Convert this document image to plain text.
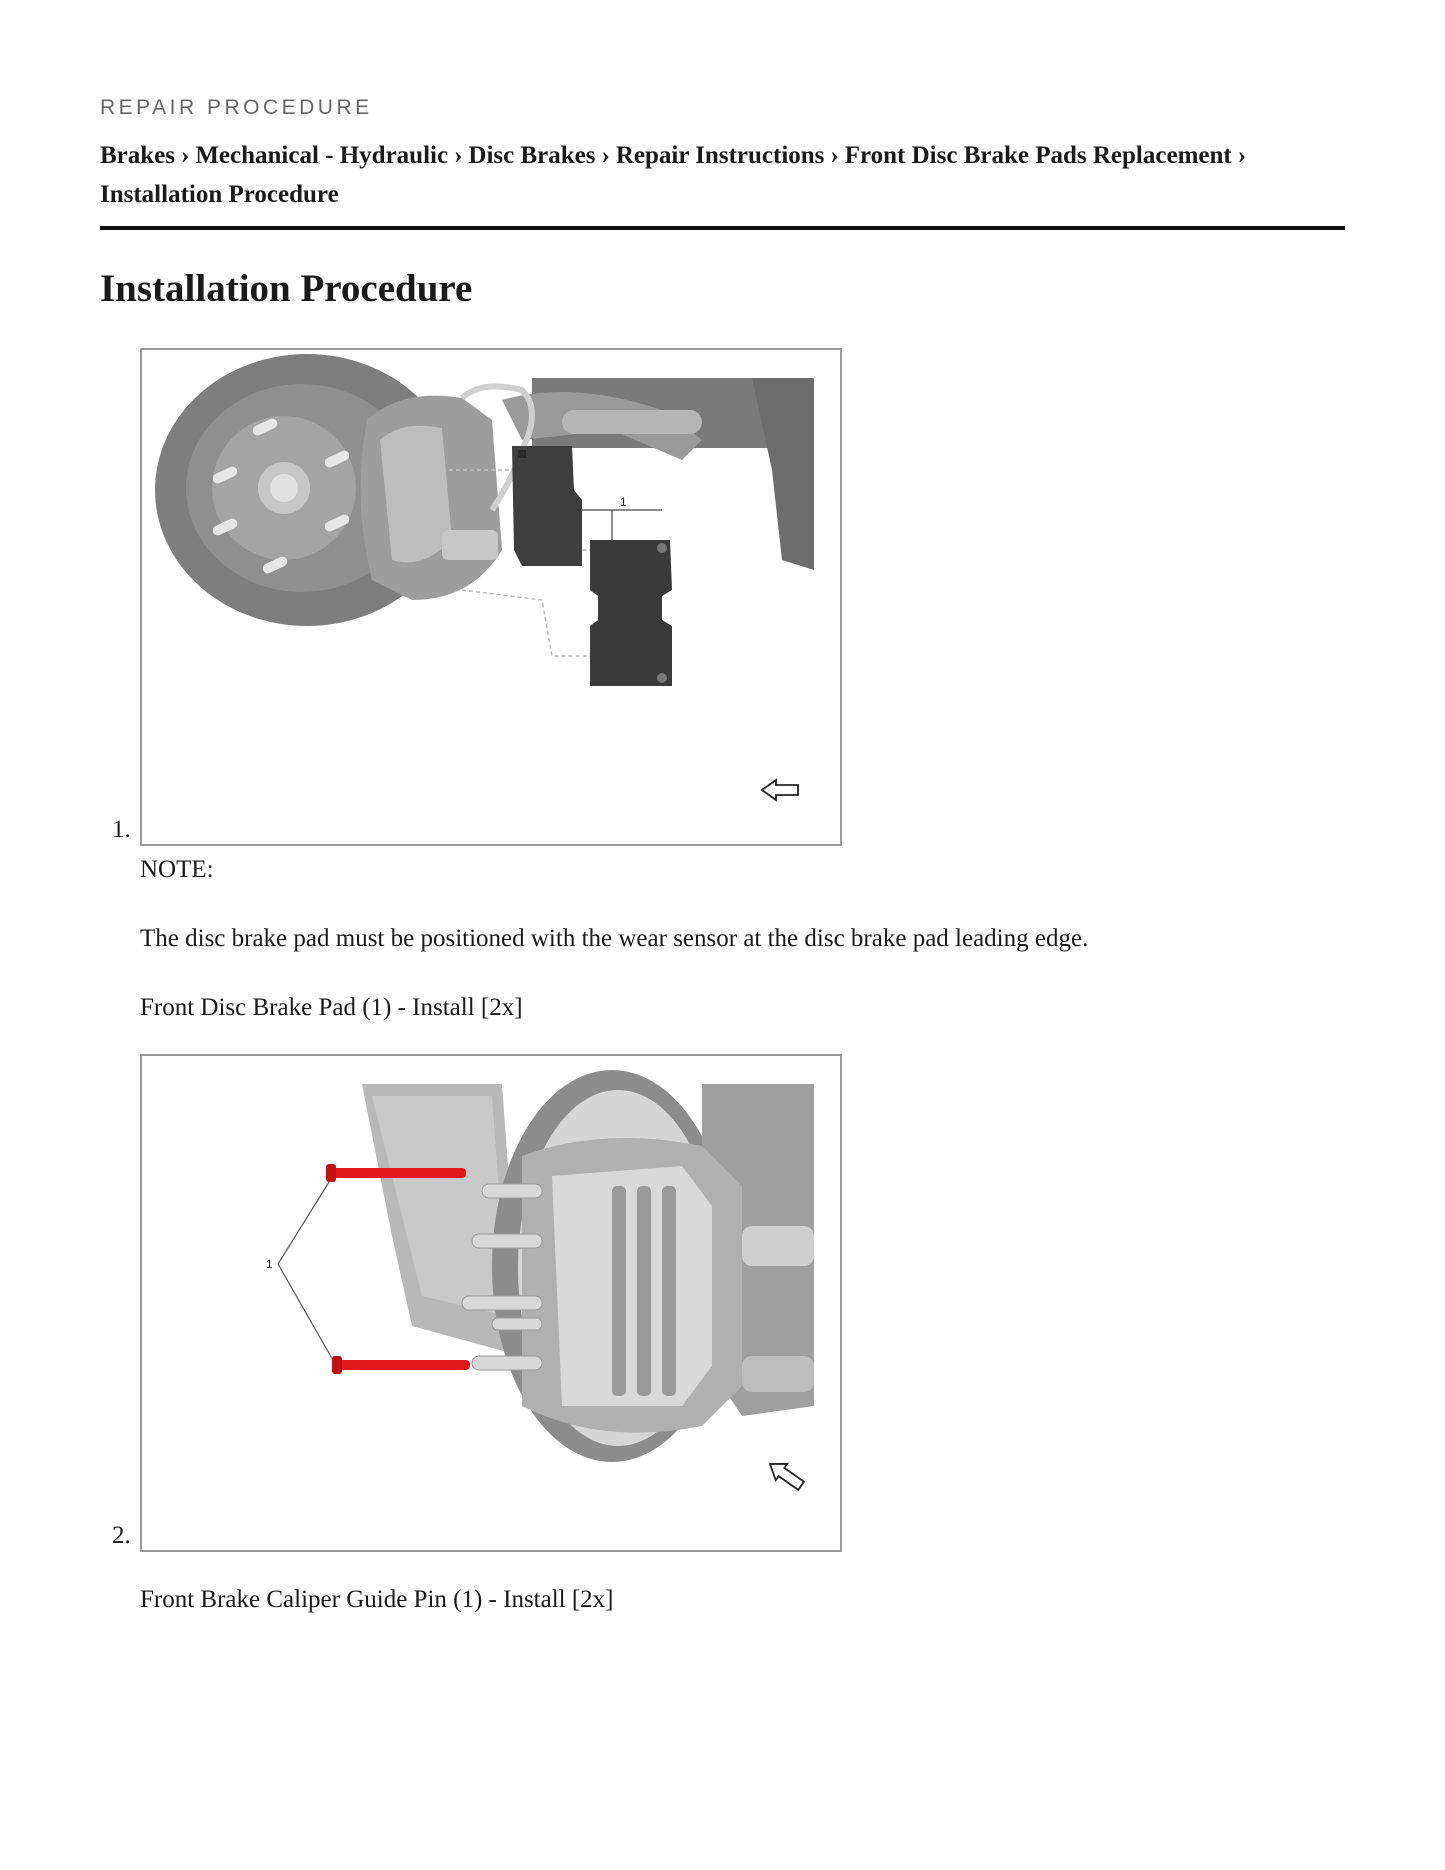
REPAIR PROCEDURE
Brakes › Mechanical - Hydraulic › Disc Brakes › Repair Instructions › Front Disc Brake Pads Replacement ›
Installation Procedure
Installation Procedure
1.
1
NOTE:
The disc brake pad must be positioned with the wear sensor at the disc brake pad leading edge.
Front Disc Brake Pad (1) - Install [2x]
2.
1
Front Brake Caliper Guide Pin (1) - Install [2x]
